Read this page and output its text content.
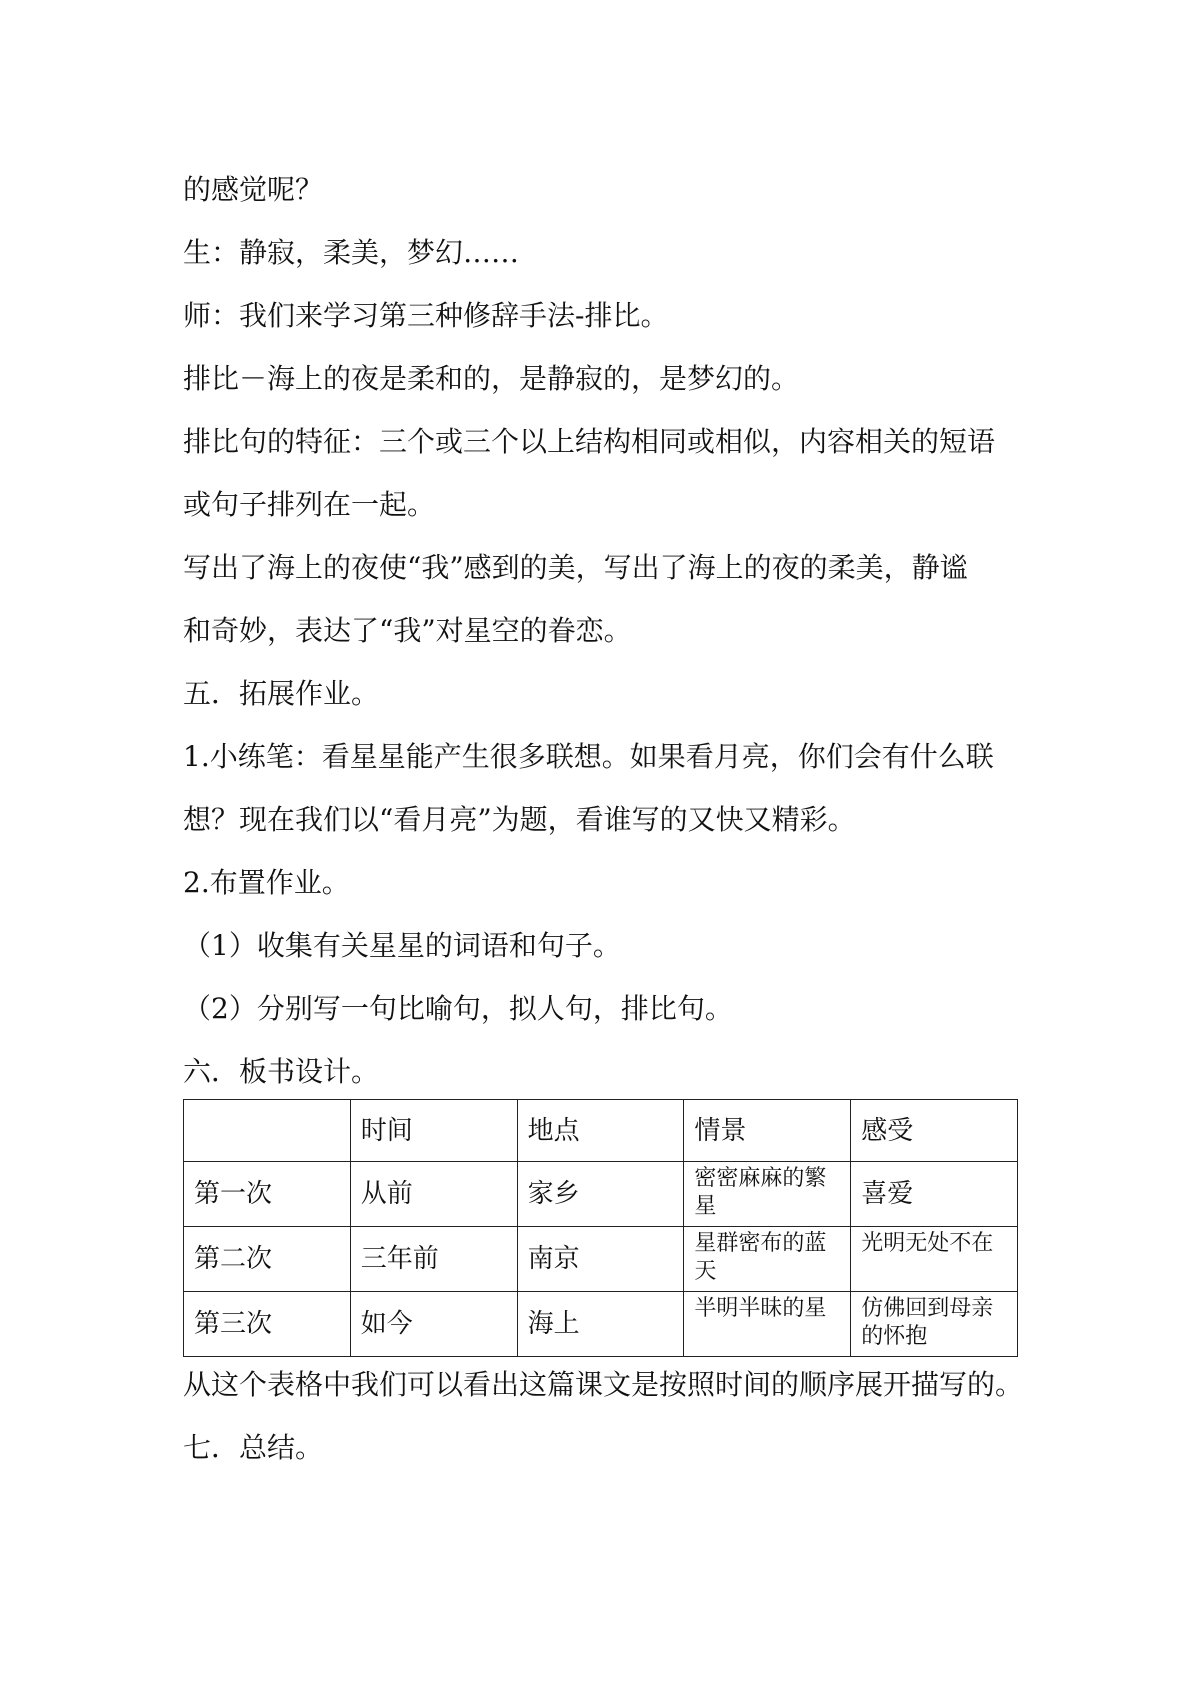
的感觉呢？
生：静寂，柔美，梦幻……
师：我们来学习第三种修辞手法-排比。
排比－海上的夜是柔和的，是静寂的，是梦幻的。
排比句的特征：三个或三个以上结构相同或相似，内容相关的短语
或句子排列在一起。
写出了海上的夜使“我”感到的美，写出了海上的夜的柔美，静谧
和奇妙，表达了“我”对星空的眷恋。
五．拓展作业。
1.小练笔：看星星能产生很多联想。如果看月亮，你们会有什么联
想？现在我们以“看月亮”为题，看谁写的又快又精彩。
2.布置作业。
（1）收集有关星星的词语和句子。
（2）分别写一句比喻句，拟人句，排比句。
六．板书设计。
	时间	地点	情景	感受
第一次	从前	家乡	密密麻麻的繁星	喜爱
第二次	三年前	南京	星群密布的蓝天	光明无处不在
第三次	如今	海上	半明半昧的星	仿佛回到母亲的怀抱
从这个表格中我们可以看出这篇课文是按照时间的顺序展开描写的。
七．总结。
